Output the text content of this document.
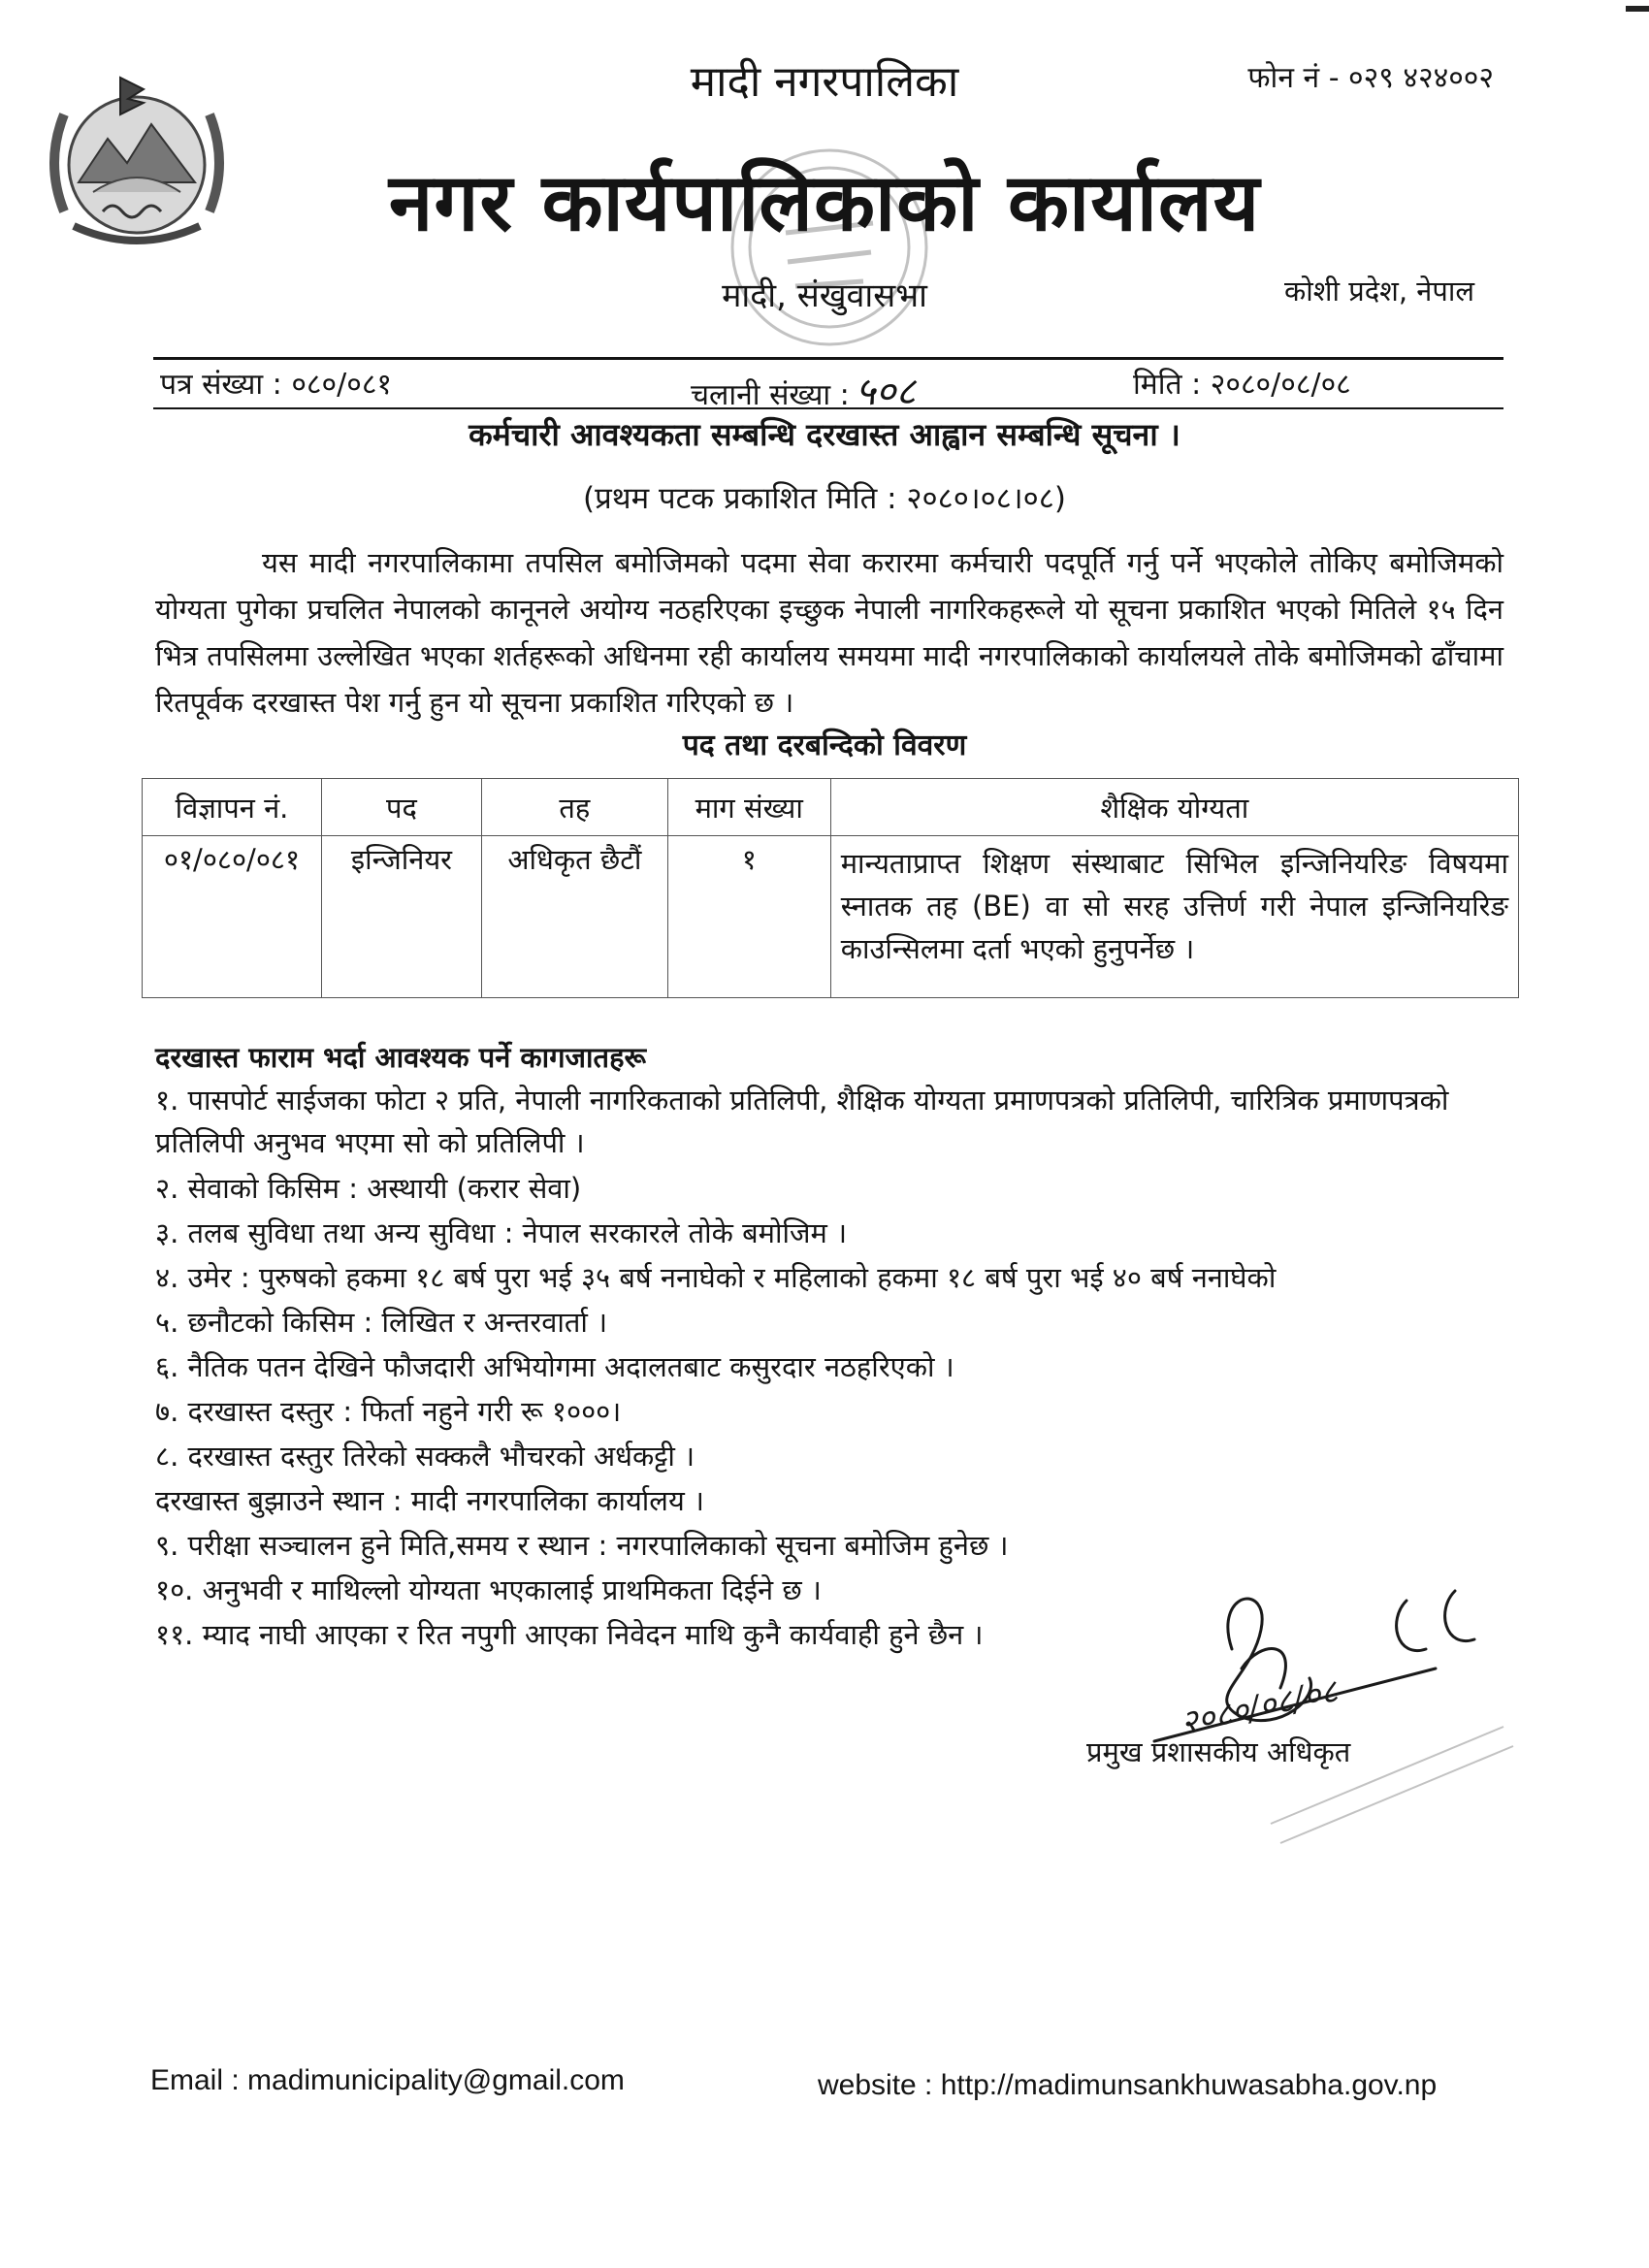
मादी नगरपालिका	फोन नं - ०२९ ४२४००२
नगर कार्यपालिकाको कार्यालय
मादी, संखुवासभा	कोशी प्रदेश, नेपाल
पत्र संख्या : ०८०/०८१	चलानी संख्या : ५०८	मिति : २०८०/०८/०८
कर्मचारी आवश्यकता सम्बन्धि दरखास्त आह्वान सम्बन्धि सूचना ।
(प्रथम पटक प्रकाशित मिति : २०८०।०८।०८)

यस मादी नगरपालिकामा तपसिल बमोजिमको पदमा सेवा करारमा कर्मचारी पदपूर्ति गर्नु पर्ने भएकोले तोकिए बमोजिमको योग्यता पुगेका प्रचलित नेपालको कानूनले अयोग्य नठहरिएका इच्छुक नेपाली नागरिकहरूले यो सूचना प्रकाशित भएको मितिले १५ दिन भित्र तपसिलमा उल्लेखित भएका शर्तहरूको अधिनमा रही कार्यालय समयमा मादी नगरपालिकाको कार्यालयले तोके बमोजिमको ढाँचामा रितपूर्वक दरखास्त पेश गर्नु हुन यो सूचना प्रकाशित गरिएको छ ।

पद तथा दरबन्दिको विवरण
विज्ञापन नं.	पद	तह	माग संख्या	शैक्षिक योग्यता
०१/०८०/०८१	इन्जिनियर	अधिकृत छैटौं	१	मान्यताप्राप्त शिक्षण संस्थाबाट सिभिल इन्जिनियरिङ विषयमा स्नातक तह (BE) वा सो सरह उत्तिर्ण गरी नेपाल इन्जिनियरिङ काउन्सिलमा दर्ता भएको हुनुपर्नेछ ।
दरखास्त फाराम भर्दा आवश्यक पर्ने कागजातहरू
१. पासपोर्ट साईजका फोटा २ प्रति, नेपाली नागरिकताको प्रतिलिपी, शैक्षिक योग्यता प्रमाणपत्रको प्रतिलिपी, चारित्रिक प्रमाणपत्रको प्रतिलिपी अनुभव भएमा सो को प्रतिलिपी ।
२. सेवाको किसिम : अस्थायी (करार सेवा)
३. तलब सुविधा तथा अन्य सुविधा : नेपाल सरकारले तोके बमोजिम ।
४. उमेर : पुरुषको हकमा १८ बर्ष पुरा भई ३५ बर्ष ननाघेको र महिलाको हकमा १८ बर्ष पुरा भई ४० बर्ष ननाघेको
५. छनौटको किसिम : लिखित र अन्तरवार्ता ।
६. नैतिक पतन देखिने फौजदारी अभियोगमा अदालतबाट कसुरदार नठहरिएको ।
७. दरखास्त दस्तुर : फिर्ता नहुने गरी रू १०००।
८. दरखास्त दस्तुर तिरेको सक्कलै भौचरको अर्धकट्टी ।
दरखास्त बुझाउने स्थान : मादी नगरपालिका कार्यालय ।
९. परीक्षा सञ्चालन हुने मिति,समय र स्थान : नगरपालिकाको सूचना बमोजिम हुनेछ ।
१०. अनुभवी र माथिल्लो योग्यता भएकालाई प्राथमिकता दिईने छ ।
११. म्याद नाघी आएका र रित नपुगी आएका निवेदन माथि कुनै कार्यवाही हुने छैन ।
२०८०/०८/०८
प्रमुख प्रशासकीय अधिकृत
Email : madimunicipality@gmail.com	website : http://madimunsankhuwasabha.gov.np
